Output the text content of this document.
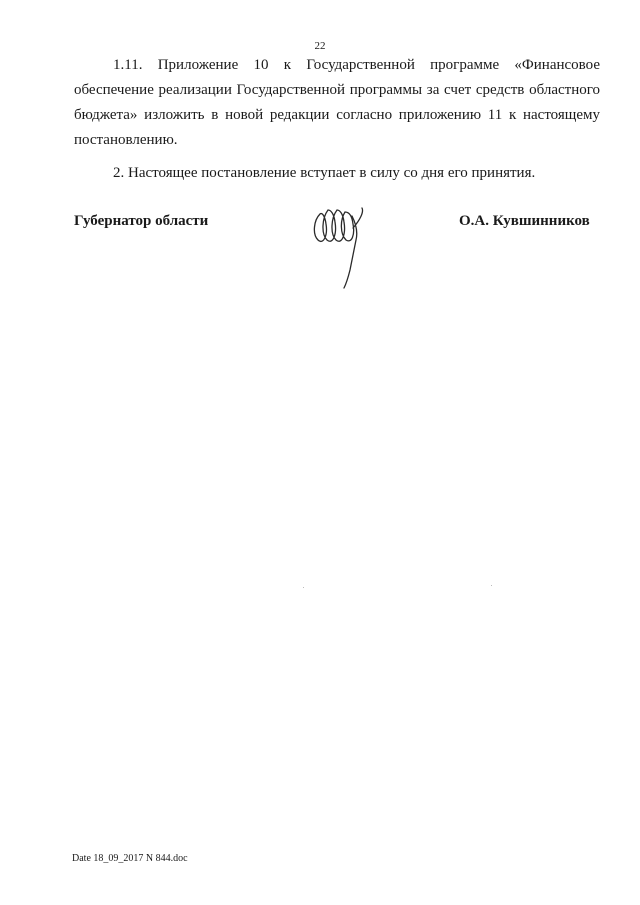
22

1.11. Приложение 10 к Государственной программе «Финансовое обеспечение реализации Государственной программы за счет средств областного бюджета» изложить в новой редакции согласно приложению 11 к настоящему постановлению.

2. Настоящее постановление вступает в силу со дня его принятия.

Губернатор области	О.А. Кувшинников
Date 18_09_2017 N 844.doc
